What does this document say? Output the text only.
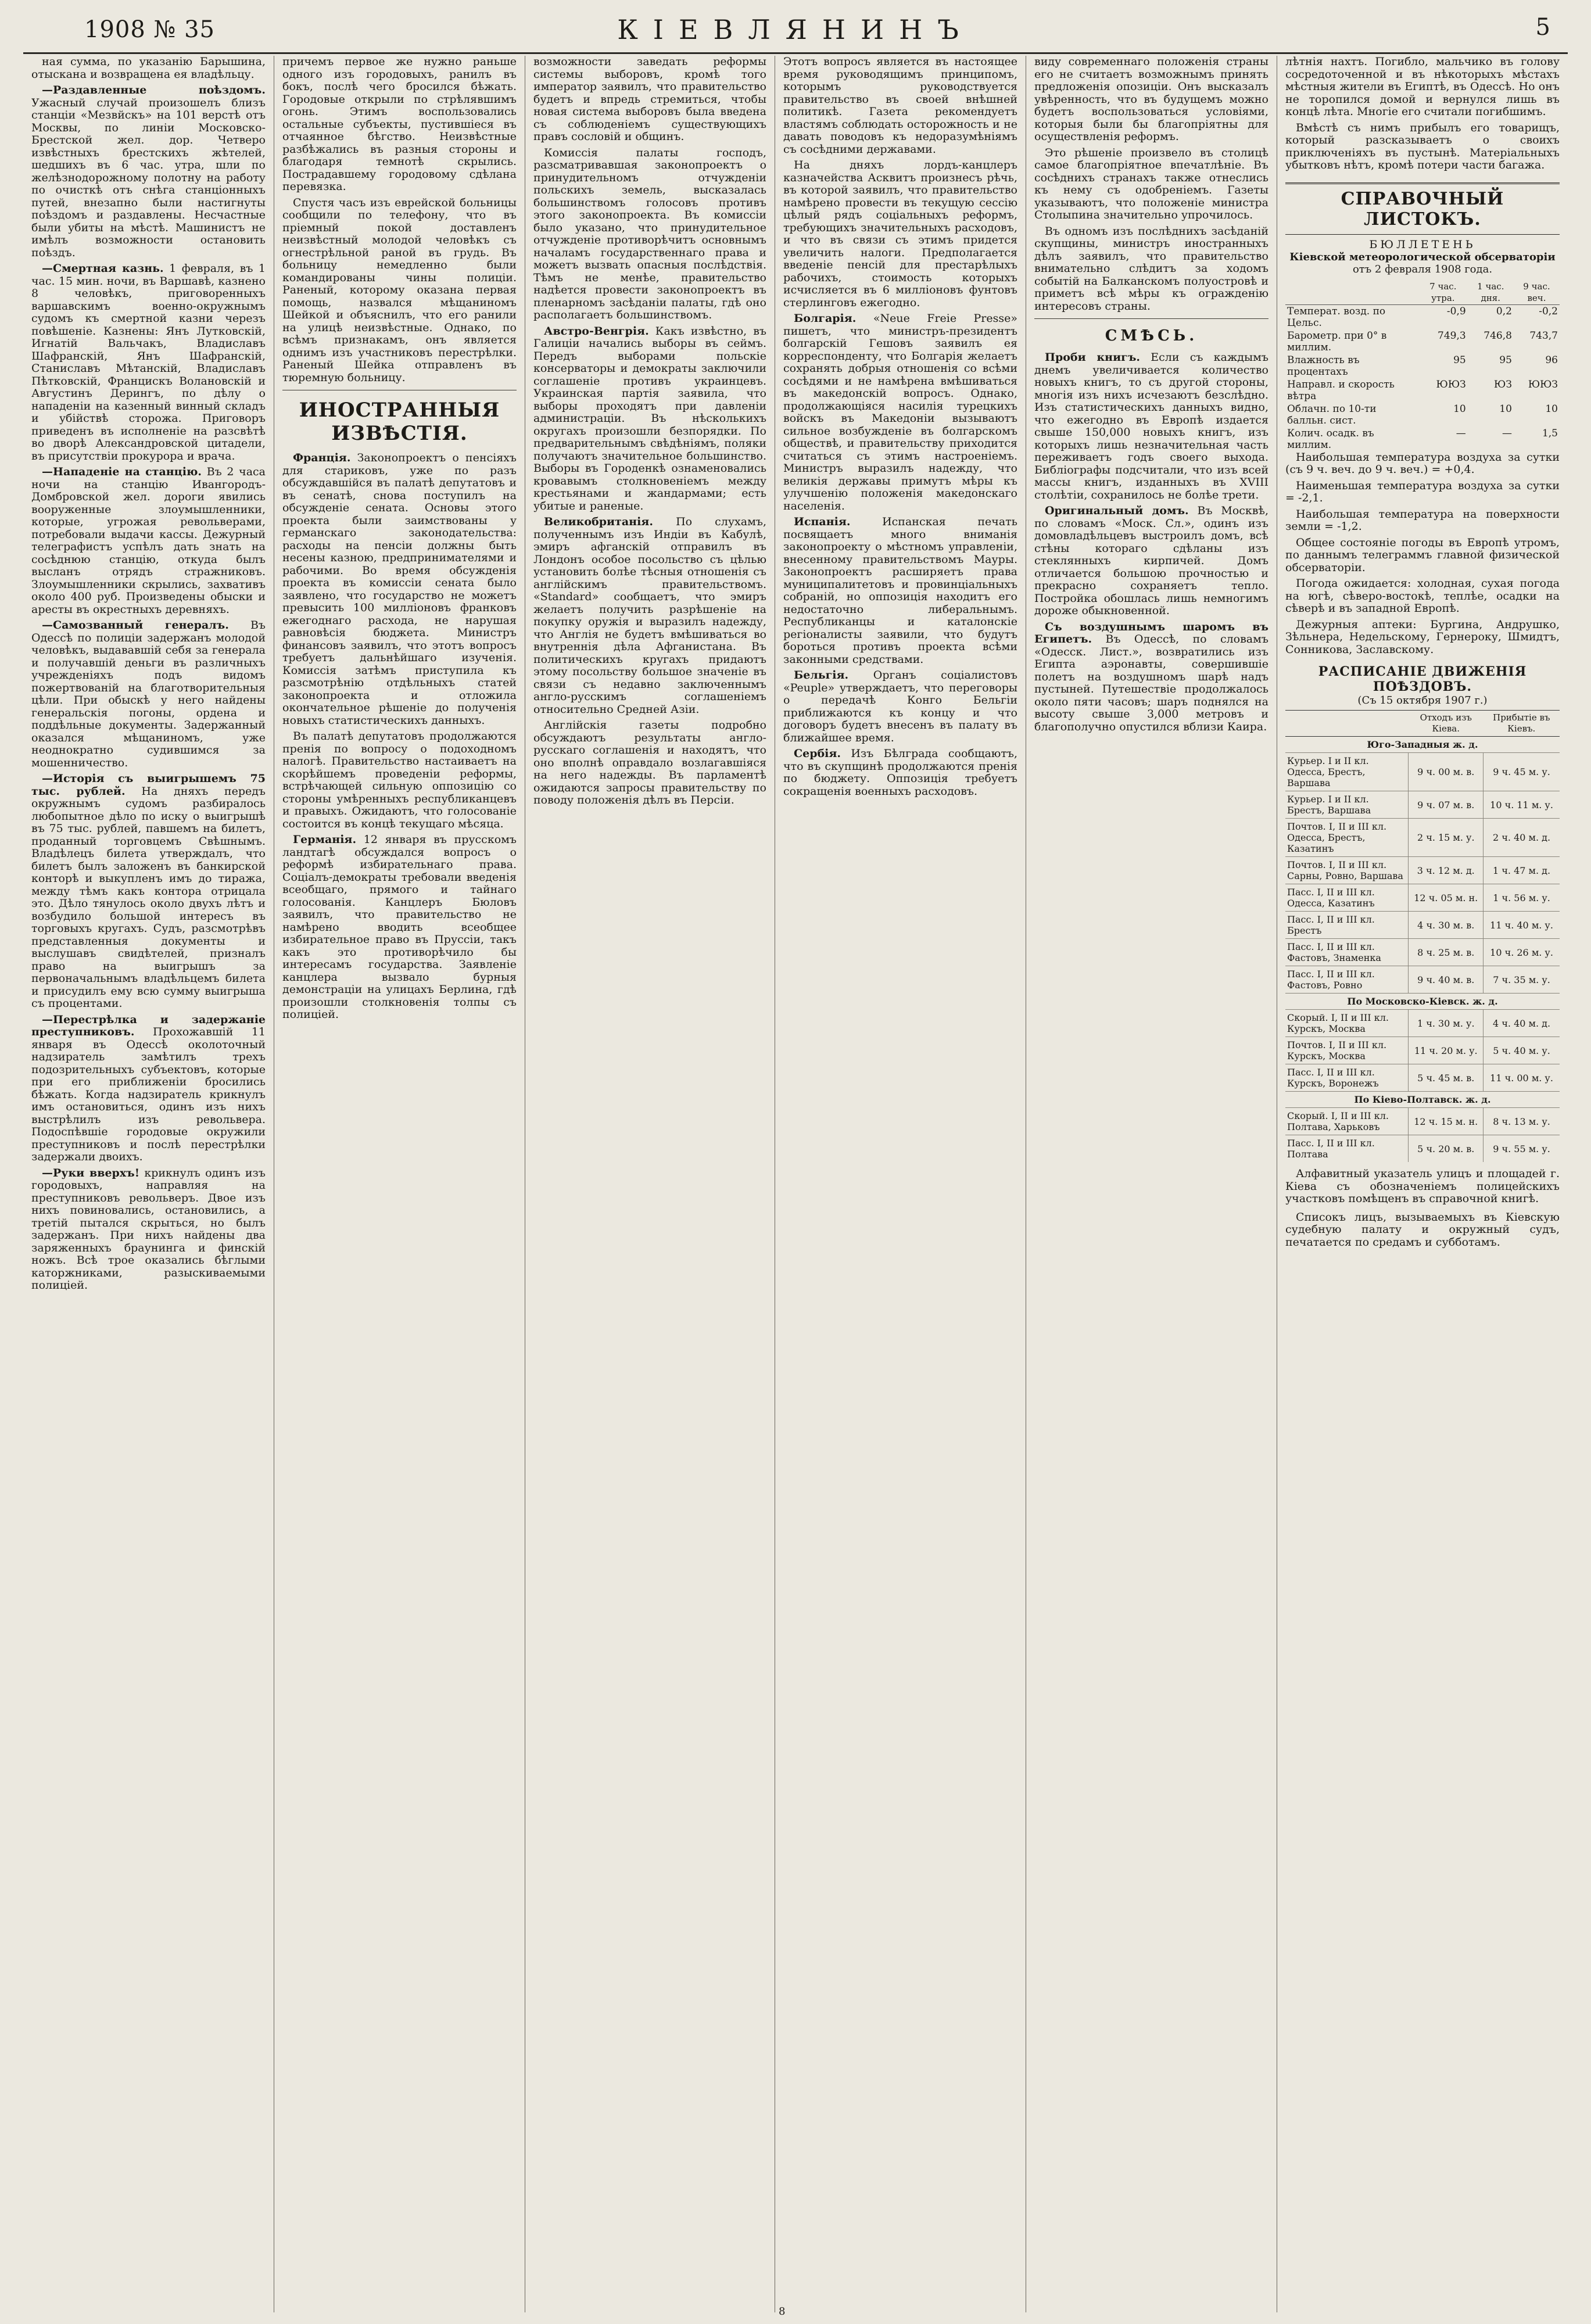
1908 № 35	КІЕВЛЯНИНЪ	5

ная сумма, по указанію Барышина, отыскана и возвращена ея владѣльцу.

—Раздавленные поѣздомъ. Ужасный случай произошелъ близъ станціи «Мезвйскъ» на 101 верстѣ отъ Москвы, по линіи Московско-Брестской жел. дор. Четверо извѣстныхъ брестскихъ жѣтелей, шедшихъ въ 6 час. утра, шли по желѣзнодорожному полотну на работу по очисткѣ отъ снѣга станціонныхъ путей, внезапно были настигнуты поѣздомъ и раздавлены. Несчастные были убиты на мѣстѣ. Машинистъ не имѣлъ возможности остановить поѣздъ.

—Смертная казнь. 1 февраля, въ 1 час. 15 мин. ночи, въ Варшавѣ, казнено 8 человѣкъ, приговоренныхъ варшавскимъ военно-окружнымъ судомъ къ смертной казни черезъ повѣшеніе. Казнены: Янъ Лутковскій, Игнатій Вальчакъ, Владиславъ Шафранскій, Янъ Шафранскій, Станиславъ Мѣтанскій, Владиславъ Пѣтковскій, Францискъ Волановскій и Августинъ Дерингъ, по дѣлу о нападеніи на казенный винный складъ и убійствѣ сторожа. Приговоръ приведенъ въ исполненіе на разсвѣтѣ во дворѣ Александровской цитадели, въ присутствіи прокурора и врача.

—Нападеніе на станцію. Въ 2 часа ночи на станцію Ивангородъ-Домбровской жел. дороги явились вооруженные злоумышленники, которые, угрожая револьверами, потребовали выдачи кассы. Дежурный телеграфистъ успѣлъ дать знать на сосѣднюю станцію, откуда былъ высланъ отрядъ стражниковъ. Злоумышленники скрылись, захвативъ около 400 руб. Произведены обыски и аресты въ окрестныхъ деревняхъ.

—Самозванный генералъ. Въ Одессѣ по полиціи задержанъ молодой человѣкъ, выдававшій себя за генерала и получавшій деньги въ различныхъ учрежденіяхъ подъ видомъ пожертвованій на благотворительныя цѣли. При обыскѣ у него найдены генеральскія погоны, ордена и поддѣльные документы. Задержанный оказался мѣщаниномъ, уже неоднократно судившимся за мошенничество.

—Исторія съ выигрышемъ 75 тыс. рублей. На дняхъ передъ окружнымъ судомъ разбиралось любопытное дѣло по иску о выигрышѣ въ 75 тыс. рублей, павшемъ на билетъ, проданный торговцемъ Свѣшнымъ. Владѣлецъ билета утверждалъ, что билетъ былъ заложенъ въ банкирской конторѣ и выкупленъ имъ до тиража, между тѣмъ какъ контора отрицала это. Дѣло тянулось около двухъ лѣтъ и возбудило большой интересъ въ торговыхъ кругахъ. Судъ, разсмотрѣвъ представленныя документы и выслушавъ свидѣтелей, призналъ право на выигрышъ за первоначальнымъ владѣльцемъ билета и присудилъ ему всю сумму выигрыша съ процентами.

—Перестрѣлка и задержаніе преступниковъ. Прохожавшій 11 января въ Одессѣ околоточный надзиратель замѣтилъ трехъ подозрительныхъ субъектовъ, которые при его приближеніи бросились бѣжать. Когда надзиратель крикнулъ имъ остановиться, одинъ изъ нихъ выстрѣлилъ изъ револьвера. Подоспѣвшіе городовые окружили преступниковъ и послѣ перестрѣлки задержали двоихъ.

—Руки вверхъ! крикнулъ одинъ изъ городовыхъ, направляя на преступниковъ револьверъ. Двое изъ нихъ повиновались, остановились, а третій пытался скрыться, но былъ задержанъ. При нихъ найдены два заряженныхъ браунинга и финскій ножъ. Всѣ трое оказались бѣглыми каторжниками, разыскиваемыми полиціей.

причемъ первое же нужно раньше одного изъ городовыхъ, ранилъ въ бокъ, послѣ чего бросился бѣжать. Городовые открыли по стрѣлявшимъ огонь. Этимъ воспользовались остальные субъекты, пустившіеся въ отчаянное бѣгство. Неизвѣстные разбѣжались въ разныя стороны и благодаря темнотѣ скрылись. Пострадавшему городовому сдѣлана перевязка.

Спустя часъ изъ еврейской больницы сообщили по телефону, что въ пріемный покой доставленъ неизвѣстный молодой человѣкъ съ огнестрѣльной раной въ грудь. Въ больницу немедленно были командированы чины полиціи. Раненый, которому оказана первая помощь, назвался мѣщаниномъ Шейкой и объяснилъ, что его ранили на улицѣ неизвѣстные. Однако, по всѣмъ признакамъ, онъ является однимъ изъ участниковъ перестрѣлки. Раненый Шейка отправленъ въ тюремную больницу.

ИНОСТРАННЫЯ ИЗВѢСТІЯ.

Франція. Законопроектъ о пенсіяхъ для стариковъ, уже по разъ обсуждавшійся въ палатѣ депутатовъ и въ сенатѣ, снова поступилъ на обсужденіе сената. Основы этого проекта были заимствованы у германскаго законодательства: расходы на пенсіи должны быть несены казною, предпринимателями и рабочими. Во время обсужденія проекта въ комиссіи сената было заявлено, что государство не можетъ превысить 100 милліоновъ франковъ ежегоднаго расхода, не нарушая равновѣсія бюджета. Министръ финансовъ заявилъ, что этотъ вопросъ требуетъ дальнѣйшаго изученія. Комиссія затѣмъ приступила къ разсмотрѣнію отдѣльныхъ статей законопроекта и отложила окончательное рѣшеніе до полученія новыхъ статистическихъ данныхъ.

Въ палатѣ депутатовъ продолжаются пренія по вопросу о подоходномъ налогѣ. Правительство настаиваетъ на скорѣйшемъ проведеніи реформы, встрѣчающей сильную оппозицію со стороны умѣренныхъ республиканцевъ и правыхъ. Ожидаютъ, что голосованіе состоится въ концѣ текущаго мѣсяца.

Германія. 12 января въ прусскомъ ландтагѣ обсуждался вопросъ о реформѣ избирательнаго права. Соціалъ-демократы требовали введенія всеобщаго, прямого и тайнаго голосованія. Канцлеръ Бюловъ заявилъ, что правительство не намѣрено вводить всеобщее избирательное право въ Пруссіи, такъ какъ это противорѣчило бы интересамъ государства. Заявленіе канцлера вызвало бурныя демонстраціи на улицахъ Берлина, гдѣ произошли столкновенія толпы съ полиціей.

возможности заведать реформы системы выборовъ, кромѣ того император заявилъ, что правительство будетъ и впредь стремиться, чтобы новая система выборовъ была введена съ соблюденіемъ существующихъ правъ сословій и общинъ.

Комиссія палаты господъ, разсматривавшая законопроектъ о принудительномъ отчужденіи польскихъ земель, высказалась большинствомъ голосовъ противъ этого законопроекта. Въ комиссіи было указано, что принудительное отчужденіе противорѣчитъ основнымъ началамъ государственнаго права и можетъ вызвать опасныя послѣдствія. Тѣмъ не менѣе, правительство надѣется провести законопроектъ въ пленарномъ засѣданіи палаты, гдѣ оно располагаетъ большинствомъ.

Австро-Венгрія. Какъ извѣстно, въ Галиціи начались выборы въ сеймъ. Передъ выборами польскіе консерваторы и демократы заключили соглашеніе противъ украинцевъ. Украинская партія заявила, что выборы проходятъ при давленіи администраціи. Въ нѣсколькихъ округахъ произошли безпорядки. По предварительнымъ свѣдѣніямъ, поляки получаютъ значительное большинство. Выборы въ Городенкѣ ознаменовались кровавымъ столкновеніемъ между крестьянами и жандармами; есть убитые и раненые.

Великобританія. По слухамъ, полученнымъ изъ Индіи въ Кабулѣ, эмиръ афганскій отправилъ въ Лондонъ особое посольство съ цѣлью установить болѣе тѣсныя отношенія съ англійскимъ правительствомъ. «Standard» сообщаетъ, что эмиръ желаетъ получить разрѣшеніе на покупку оружія и выразилъ надежду, что Англія не будетъ вмѣшиваться во внутреннія дѣла Афганистана. Въ политическихъ кругахъ придаютъ этому посольству большое значеніе въ связи съ недавно заключеннымъ англо-русскимъ соглашеніемъ относительно Средней Азіи.

Англійскія газеты подробно обсуждаютъ результаты англо-русскаго соглашенія и находятъ, что оно вполнѣ оправдало возлагавшіяся на него надежды. Въ парламентѣ ожидаются запросы правительству по поводу положенія дѣлъ въ Персіи.

Этотъ вопросъ является въ настоящее время руководящимъ принципомъ, которымъ руководствуется правительство въ своей внѣшней политикѣ. Газета рекомендуетъ властямъ соблюдать осторожность и не давать поводовъ къ недоразумѣніямъ съ сосѣдними державами.

На дняхъ лордъ-канцлеръ казначейства Асквитъ произнесъ рѣчь, въ которой заявилъ, что правительство намѣрено провести въ текущую сессію цѣлый рядъ соціальныхъ реформъ, требующихъ значительныхъ расходовъ, и что въ связи съ этимъ придется увеличить налоги. Предполагается введеніе пенсій для престарѣлыхъ рабочихъ, стоимость которыхъ исчисляется въ 6 милліоновъ фунтовъ стерлинговъ ежегодно.

Болгарія. «Neue Freie Presse» пишетъ, что министръ-президентъ болгарскій Гешовъ заявилъ ея корреспонденту, что Болгарія желаетъ сохранять добрыя отношенія со всѣми сосѣдями и не намѣрена вмѣшиваться въ македонскій вопросъ. Однако, продолжающіяся насилія турецкихъ войскъ въ Македоніи вызываютъ сильное возбужденіе въ болгарскомъ обществѣ, и правительству приходится считаться съ этимъ настроеніемъ. Министръ выразилъ надежду, что великія державы примутъ мѣры къ улучшенію положенія македонскаго населенія.

Испанія.	Испанская печать посвящаетъ много вниманія законопроекту о мѣстномъ управленіи, внесенному правительствомъ Мауры. Законопроектъ расширяетъ права муниципалитетовъ и провинціальныхъ собраній, но оппозиція находитъ его недостаточно либеральнымъ. Республиканцы и каталонскіе регіоналисты заявили, что будутъ бороться противъ проекта всѣми законными средствами.

Бельгія. Органъ соціалистовъ «Peuple» утверждаетъ, что переговоры о передачѣ Конго Бельгіи приближаются къ концу и что договоръ будетъ внесенъ въ палату въ ближайшее время.

Сербія. Изъ Бѣлграда сообщаютъ, что въ скупщинѣ продолжаются пренія по бюджету. Оппозиція требуетъ сокращенія военныхъ расходовъ.

виду современнаго положенія страны его не считаетъ возможнымъ принять предложенія опозиціи. Онъ высказалъ увѣренность, что въ будущемъ можно будетъ воспользоваться условіями, которыя были бы благопріятны для осуществленія реформъ.

Это рѣшеніе произвело въ столицѣ самое благопріятное впечатлѣніе. Въ сосѣднихъ странахъ также отнеслись къ нему съ одобреніемъ. Газеты указываютъ, что положеніе министра Столыпина значительно упрочилось.

Въ одномъ изъ послѣднихъ засѣданій скупщины, министръ иностранныхъ дѣлъ заявилъ, что правительство внимательно слѣдитъ за ходомъ событій на Балканскомъ полуостровѣ и приметъ всѣ мѣры къ огражденію интересовъ страны.

СМѢСЬ.

Проби книгъ. Если съ каждымъ днемъ увеличивается количество новыхъ книгъ, то съ другой стороны, многія изъ нихъ исчезаютъ безслѣдно. Изъ статистическихъ данныхъ видно, что ежегодно въ Европѣ издается свыше 150,000 новыхъ книгъ, изъ которыхъ лишь незначительная часть переживаетъ годъ своего выхода. Библіографы подсчитали, что изъ всей массы книгъ, изданныхъ въ XVIII столѣтіи, сохранилось не болѣе трети.

Оригинальный домъ. Въ Москвѣ, по словамъ «Моск. Сл.», одинъ изъ домовладѣльцевъ выстроилъ домъ, всѣ стѣны котораго сдѣланы изъ стеклянныхъ кирпичей. Домъ отличается большою прочностью и прекрасно сохраняетъ тепло. Постройка обошлась лишь немногимъ дороже обыкновенной.

Съ воздушнымъ шаромъ въ Египетъ. Въ Одессѣ, по словамъ «Одесск. Лист.», возвратились изъ Египта аэронавты, совершившіе полетъ на воздушномъ шарѣ надъ пустыней. Путешествіе продолжалось около пяти часовъ; шаръ поднялся на высоту свыше 3,000 метровъ и благополучно опустился вблизи Каира.

лѣтнія нахтъ. Погибло, мальчико въ голову сосредоточенной и въ нѣкоторыхъ мѣстахъ мѣстныя жители въ Египтѣ, въ Одессѣ. Но онъ не торопился домой и вернулся лишь въ концѣ лѣта. Многіе его считали погибшимъ.

Вмѣстѣ съ нимъ прибылъ его товарищъ, который разсказываетъ о своихъ приключеніяхъ въ пустынѣ. Матеріальныхъ убытковъ нѣтъ, кромѣ потери части багажа.

СПРАВОЧНЫЙ ЛИСТОКЪ.
БЮЛЛЕТЕНЬ
Кіевской метеорологической обсерваторіи
отъ 2 февраля 1908 года.
	7 час. утра.	1 час. дня.	9 час. веч.
Температ. возд. по Цельс.	-0,9	0,2	-0,2
Барометр. при 0° в миллим.	749,3	746,8	743,7
Влажность въ процентахъ	95	95	96
Направл. и скорость вѣтра	ЮЮЗ	ЮЗ	ЮЮЗ
Облачн. по 10-ти балльн. сист.	10	10	10
Колич. осадк. въ миллим.	—	—	1,5

Наибольшая температура воздуха за сутки (съ 9 ч. веч. до 9 ч. веч.) = +0,4.

Наименьшая температура воздуха за сутки = -2,1.

Наибольшая температура на поверхности земли = -1,2.

Общее состояніе погоды въ Европѣ утромъ, по даннымъ телеграммъ главной физической обсерваторіи.

Погода ожидается: холодная, сухая погода на югѣ, сѣверо-востокѣ, теплѣе, осадки на сѣверѣ и въ западной Европѣ.

Дежурныя аптеки: Бургина, Андрушко, Зѣльнера, Недельскому, Гернероку, Шмидтъ, Сонникова, Заславскому.

РАСПИСАНІЕ ДВИЖЕНІЯ ПОѢЗДОВЪ.
(Съ 15 октября 1907 г.)
	Отходъ изъ Кіева.	Прибытіе въ Кіевъ.
Юго-Западныя ж. д.		
Курьер. I и II кл. Одесса, Брестъ, Варшава	9 ч. 00 м. в.	9 ч. 45 м. у.
Курьер. I и II кл. Брестъ, Варшава	9 ч. 07 м. в.	10 ч. 11 м. у.
Почтов. I, II и III кл. Одесса, Брестъ, Казатинъ	2 ч. 15 м. у.	2 ч. 40 м. д.
Почтов. I, II и III кл. Сарны, Ровно, Варшава	3 ч. 12 м. д.	1 ч. 47 м. д.
Пасс. I, II и III кл. Одесса, Казатинъ	12 ч. 05 м. н.	1 ч. 56 м. у.
Пасс. I, II и III кл. Брестъ	4 ч. 30 м. в.	11 ч. 40 м. у.
Пасс. I, II и III кл. Фастовъ, Знаменка	8 ч. 25 м. в.	10 ч. 26 м. у.
Пасс. I, II и III кл. Фастовъ, Ровно	9 ч. 40 м. в.	7 ч. 35 м. у.
По Московско-Кіевск. ж. д.		
Скорый. I, II и III кл. Курскъ, Москва	1 ч. 30 м. у.	4 ч. 40 м. д.
Почтов. I, II и III кл. Курскъ, Москва	11 ч. 20 м. у.	5 ч. 40 м. у.
Пасс. I, II и III кл. Курскъ, Воронежъ	5 ч. 45 м. в.	11 ч. 00 м. у.
По Кіево-Полтавск. ж. д.		
Скорый. I, II и III кл. Полтава, Харьковъ	12 ч. 15 м. н.	8 ч. 13 м. у.
Пасс. I, II и III кл. Полтава	5 ч. 20 м. в.	9 ч. 55 м. у.

Алфавитный указатель улицъ и площадей г. Кіева съ обозначеніемъ полицейскихъ участковъ помѣщенъ въ справочной книгѣ.

Списокъ лицъ, вызываемыхъ въ Кіевскую судебную палату и окружный судъ, печатается по средамъ и субботамъ.

8
